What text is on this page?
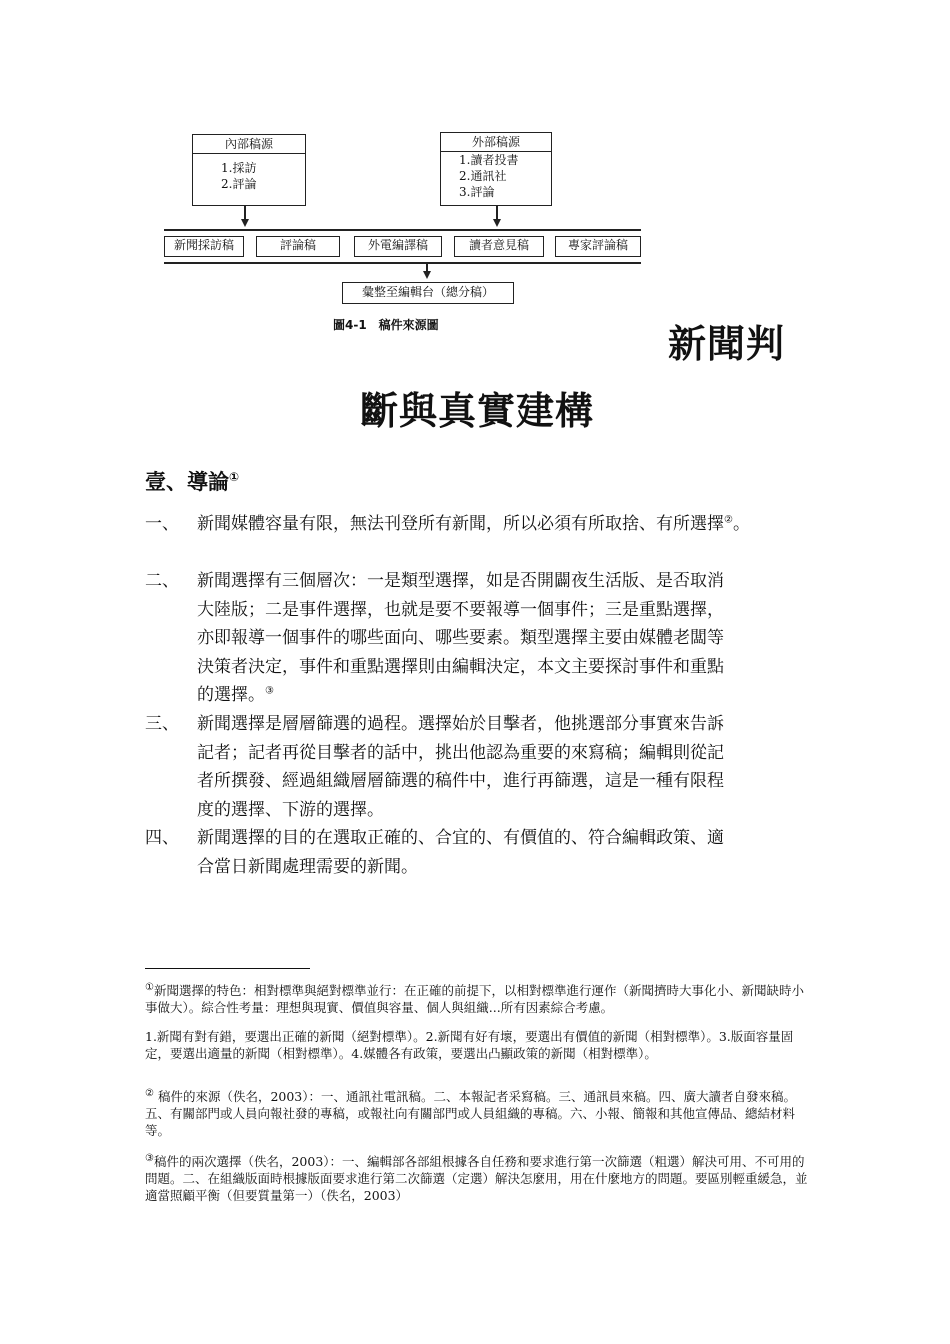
內部稿源
1.採訪
2.評論
外部稿源
1.讀者投書
2.通訊社
3.評論
新聞採訪稿	評論稿	外電編譯稿	讀者意見稿	專家評論稿
彙整至編輯台（總分稿）
圖4-1　稿件來源圖	新聞判
斷與真實建構
壹、導論①
一、 新聞媒體容量有限，無法刊登所有新聞，所以必須有所取捨、有所選擇②。
二、 新聞選擇有三個層次：一是類型選擇，如是否開闢夜生活版、是否取消
大陸版；二是事件選擇，也就是要不要報導一個事件；三是重點選擇，
亦即報導一個事件的哪些面向、哪些要素。類型選擇主要由媒體老闆等
決策者決定，事件和重點選擇則由編輯決定，本文主要探討事件和重點
的選擇。③
三、 新聞選擇是層層篩選的過程。選擇始於目擊者，他挑選部分事實來告訴
記者；記者再從目擊者的話中，挑出他認為重要的來寫稿；編輯則從記
者所撰發、經過組織層層篩選的稿件中，進行再篩選，這是一種有限程
度的選擇、下游的選擇。
四、 新聞選擇的目的在選取正確的、合宜的、有價值的、符合編輯政策、適
合當日新聞處理需要的新聞。
①新聞選擇的特色：相對標準與絕對標準並行：在正確的前提下，以相對標準進行運作（新聞擠時大事化小、新聞缺時小事做大）。綜合性考量：理想與現實、價值與容量、個人與組織...所有因素綜合考慮。
1.新聞有對有錯，要選出正確的新聞（絕對標準）。2.新聞有好有壞，要選出有價值的新聞（相對標準）。3.版面容量固定，要選出適量的新聞（相對標準）。4.媒體各有政策，要選出凸顯政策的新聞（相對標準）。
② 稿件的來源（佚名，2003）：一、通訊社電訊稿。二、本報記者采寫稿。三、通訊員來稿。四、廣大讀者自發來稿。五、有關部門或人員向報社發的專稿，或報社向有關部門或人員組織的專稿。六、小報、簡報和其他宣傳品、總結材料等。
③稿件的兩次選擇（佚名，2003）：一、編輯部各部組根據各自任務和要求進行第一次篩選（粗選）解決可用、不可用的問題。二、在組織版面時根據版面要求進行第二次篩選（定選）解決怎麼用，用在什麼地方的問題。要區別輕重緩急，並適當照顧平衡（但要質量第一）（佚名，2003）
